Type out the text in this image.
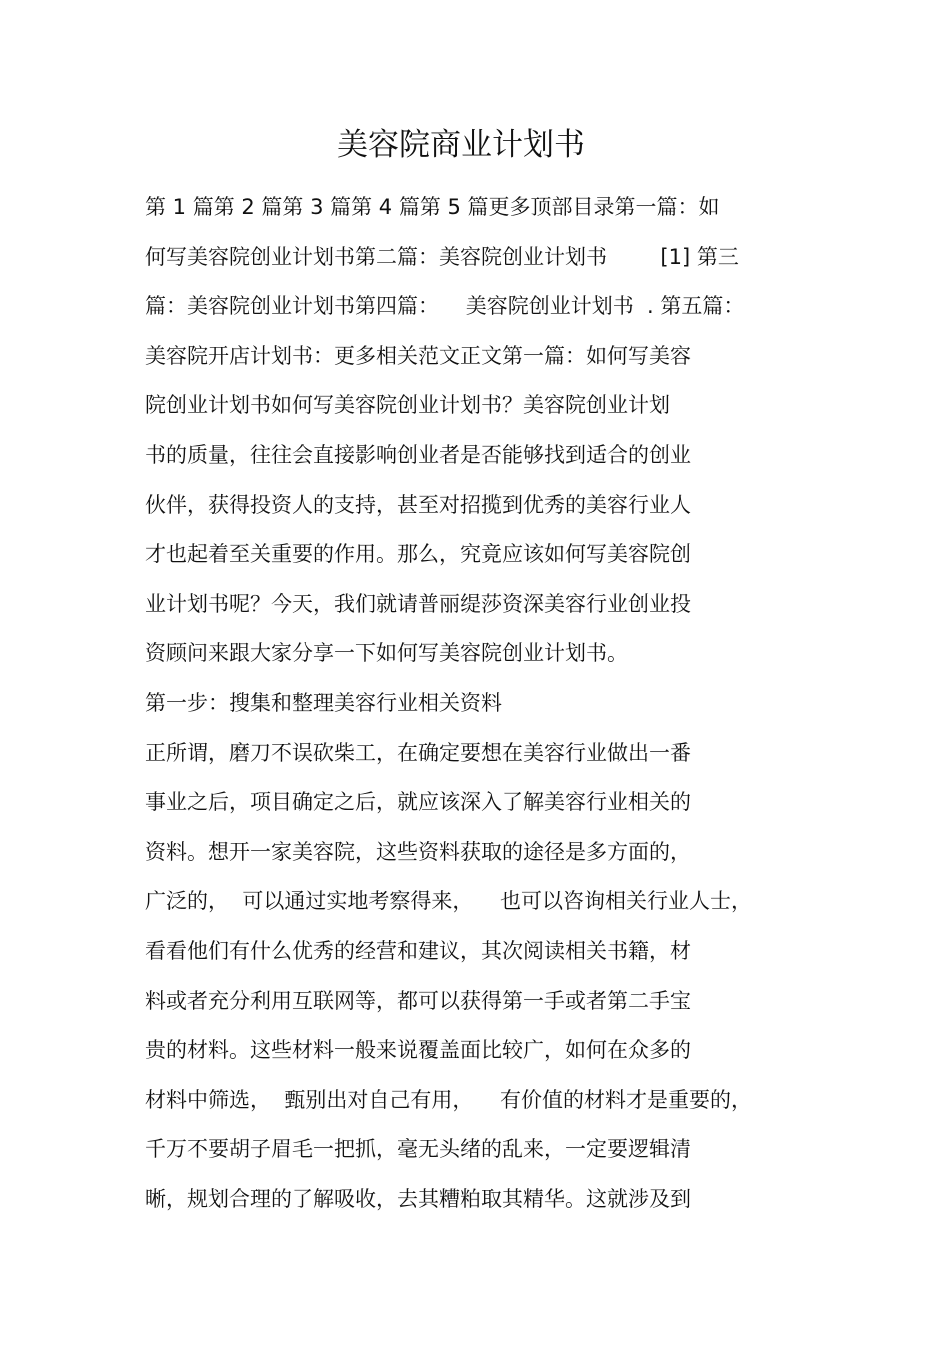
美容院商业计划书
第 1 篇第 2 篇第 3 篇第 4 篇第 5 篇更多顶部目录第一篇：如
何写美容院创业计划书第二篇：美容院创业计划书        [1] 第三
篇：美容院创业计划书第四篇：    美容院创业计划书  . 第五篇：
美容院开店计划书：更多相关范文正文第一篇：如何写美容
院创业计划书如何写美容院创业计划书？美容院创业计划
书的质量，往往会直接影响创业者是否能够找到适合的创业
伙伴，获得投资人的支持，甚至对招揽到优秀的美容行业人
才也起着至关重要的作用。那么，究竟应该如何写美容院创
业计划书呢？今天，我们就请普丽缇莎资深美容行业创业投
资顾问来跟大家分享一下如何写美容院创业计划书。
第一步：搜集和整理美容行业相关资料
正所谓，磨刀不误砍柴工，在确定要想在美容行业做出一番
事业之后，项目确定之后，就应该深入了解美容行业相关的
资料。想开一家美容院，这些资料获取的途径是多方面的，
广泛的，  可以通过实地考察得来，    也可以咨询相关行业人士，
看看他们有什么优秀的经营和建议，其次阅读相关书籍，材
料或者充分利用互联网等，都可以获得第一手或者第二手宝
贵的材料。这些材料一般来说覆盖面比较广，如何在众多的
材料中筛选，  甄别出对自己有用，    有价值的材料才是重要的，
千万不要胡子眉毛一把抓，毫无头绪的乱来，一定要逻辑清
晰，规划合理的了解吸收，去其糟粕取其精华。这就涉及到
